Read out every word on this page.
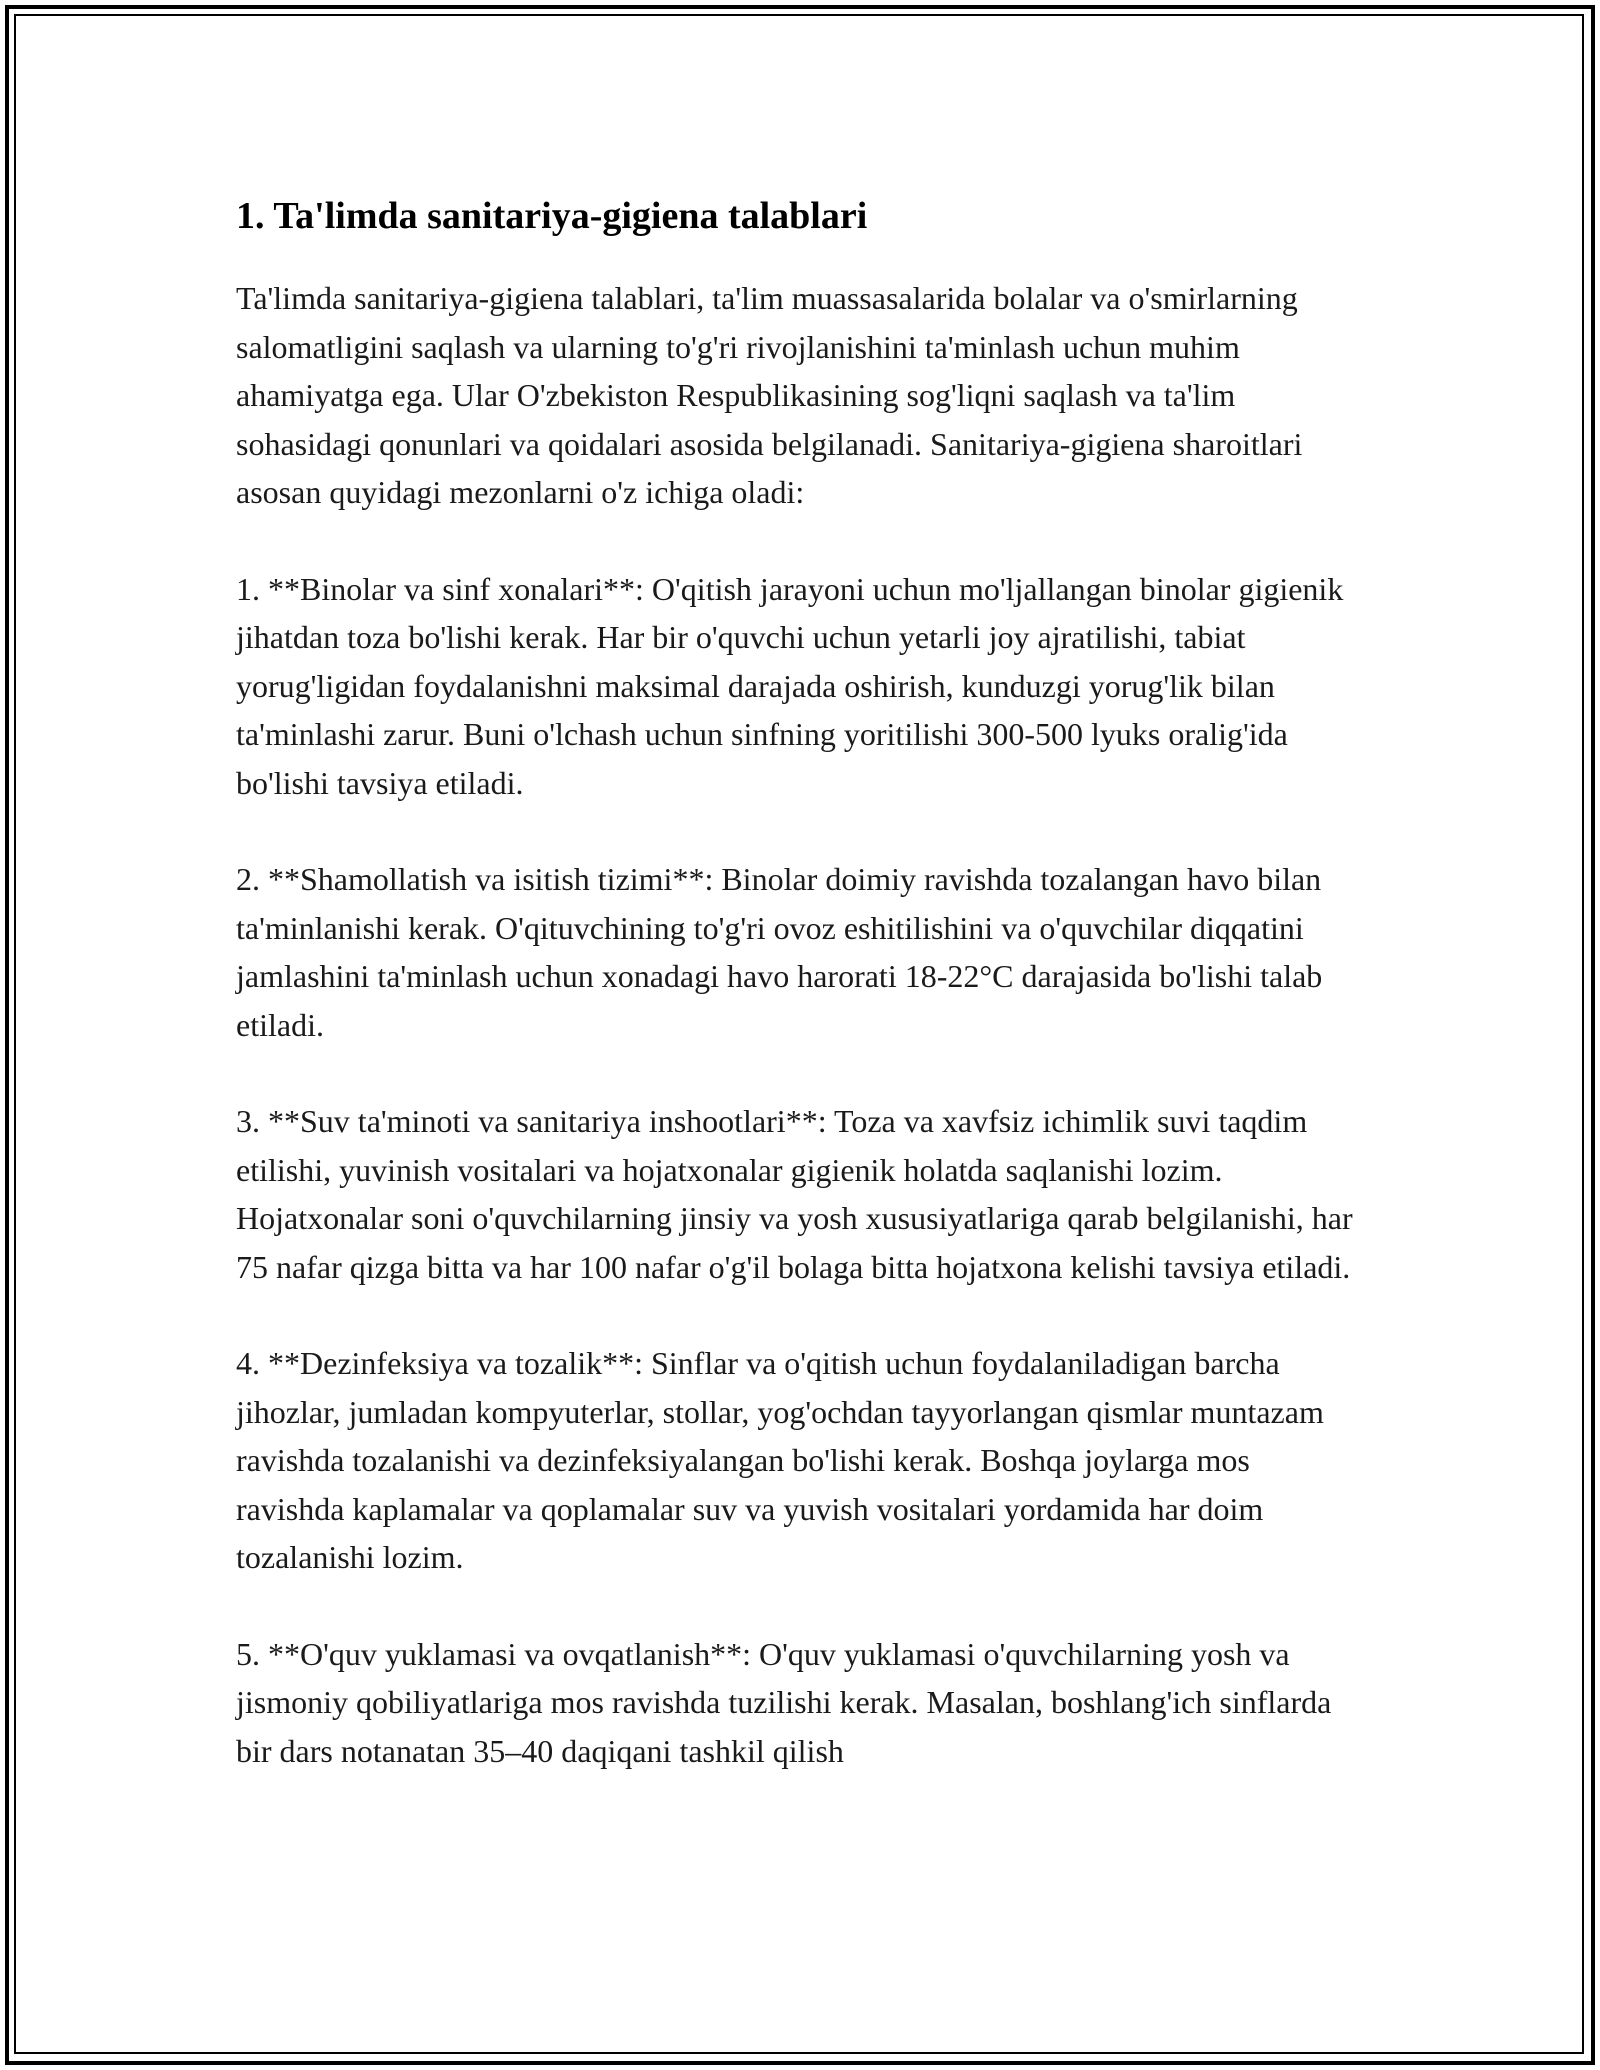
1. Ta'limda sanitariya-gigiena talablari

Ta'limda sanitariya-gigiena talablari, ta'lim muassasalarida bolalar va o'smirlarning salomatligini saqlash va ularning to'g'ri rivojlanishini ta'minlash uchun muhim ahamiyatga ega. Ular O'zbekiston Respublikasining sog'liqni saqlash va ta'lim sohasidagi qonunlari va qoidalari asosida belgilanadi. Sanitariya-gigiena sharoitlari asosan quyidagi mezonlarni o'z ichiga oladi:

1. **Binolar va sinf xonalari**: O'qitish jarayoni uchun mo'ljallangan binolar gigienik jihatdan toza bo'lishi kerak. Har bir o'quvchi uchun yetarli joy ajratilishi, tabiat yorug'ligidan foydalanishni maksimal darajada oshirish, kunduzgi yorug'lik bilan ta'minlashi zarur. Buni o'lchash uchun sinfning yoritilishi 300-500 lyuks oralig'ida bo'lishi tavsiya etiladi.

2. **Shamollatish va isitish tizimi**: Binolar doimiy ravishda tozalangan havo bilan ta'minlanishi kerak. O'qituvchining to'g'ri ovoz eshitilishini va o'quvchilar diqqatini jamlashini ta'minlash uchun xonadagi havo harorati 18-22°C darajasida bo'lishi talab etiladi.

3. **Suv ta'minoti va sanitariya inshootlari**: Toza va xavfsiz ichimlik suvi taqdim etilishi, yuvinish vositalari va hojatxonalar gigienik holatda saqlanishi lozim. Hojatxonalar soni o'quvchilarning jinsiy va yosh xususiyatlariga qarab belgilanishi, har 75 nafar qizga bitta va har 100 nafar o'g'il bolaga bitta hojatxona kelishi tavsiya etiladi.

4. **Dezinfeksiya va tozalik**: Sinflar va o'qitish uchun foydalaniladigan barcha jihozlar, jumladan kompyuterlar, stollar, yog'ochdan tayyorlangan qismlar muntazam ravishda tozalanishi va dezinfeksiyalangan bo'lishi kerak. Boshqa joylarga mos ravishda kaplamalar va qoplamalar suv va yuvish vositalari yordamida har doim tozalanishi lozim.

5. **O'quv yuklamasi va ovqatlanish**: O'quv yuklamasi o'quvchilarning yosh va jismoniy qobiliyatlariga mos ravishda tuzilishi kerak. Masalan, boshlang'ich sinflarda bir dars notanatan 35–40 daqiqani tashkil qilish
